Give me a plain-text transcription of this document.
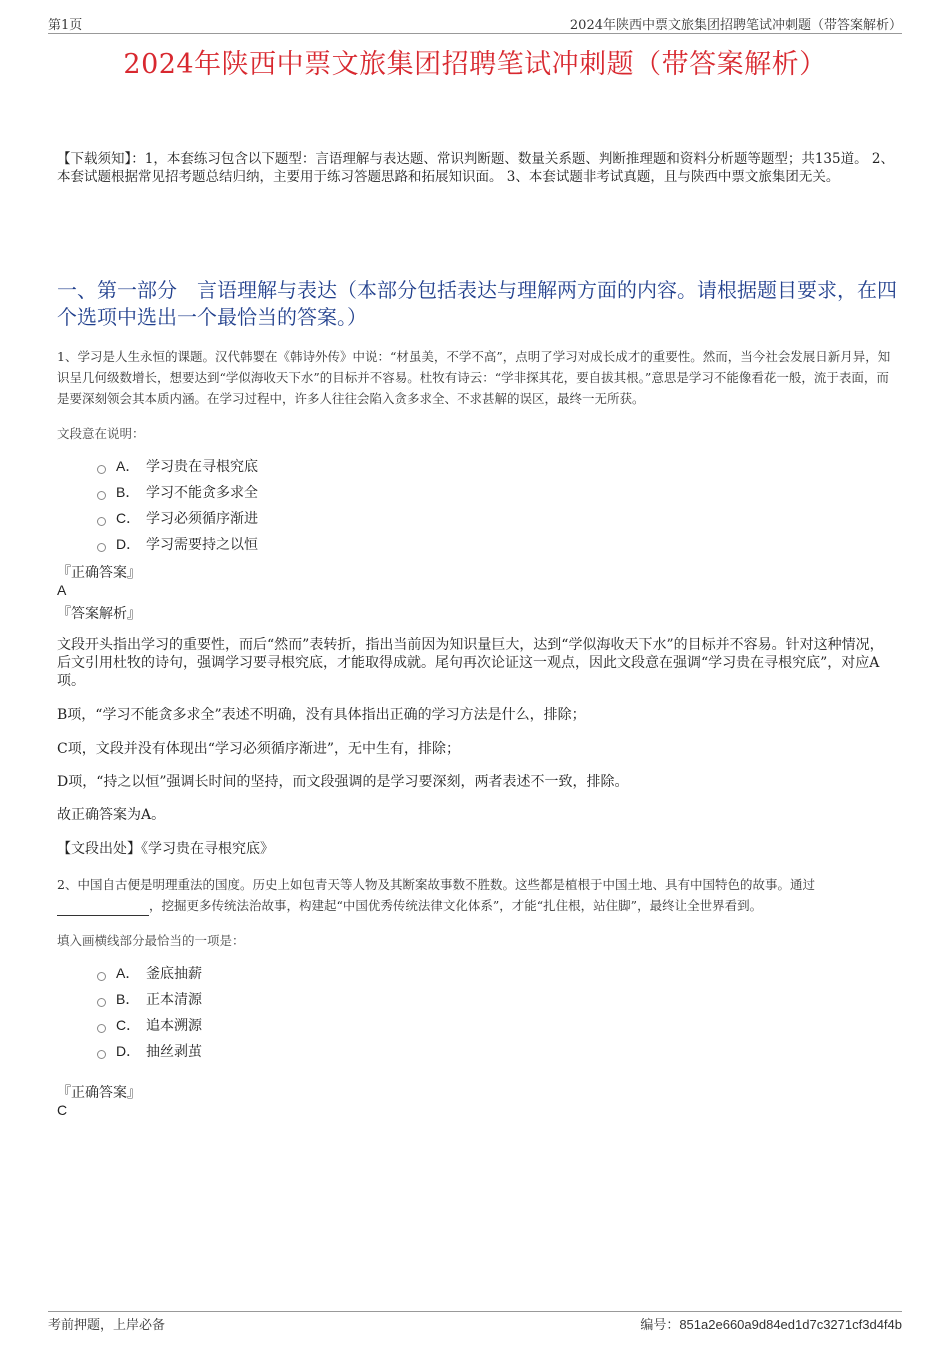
第1页	2024年陕西中票文旅集团招聘笔试冲刺题（带答案解析）
2024年陕西中票文旅集团招聘笔试冲刺题（带答案解析）
【下载须知】：1，本套练习包含以下题型：言语理解与表达题、常识判断题、数量关系题、判断推理题和资料分析题等题型；共135道。 2、本套试题根据常见招考题总结归纳，主要用于练习答题思路和拓展知识面。 3、本套试题非考试真题，且与陕西中票文旅集团无关。
一、第一部分　言语理解与表达（本部分包括表达与理解两方面的内容。请根据题目要求，在四个选项中选出一个最恰当的答案。）
1、学习是人生永恒的课题。汉代韩婴在《韩诗外传》中说：“材虽美，不学不高”，点明了学习对成长成才的重要性。然而，当今社会发展日新月异，知识呈几何级数增长，想要达到“学似海收天下水”的目标并不容易。杜牧有诗云：“学非探其花，要自拔其根。”意思是学习不能像看花一般，流于表面，而是要深刻领会其本质内涵。在学习过程中，许多人往往会陷入贪多求全、不求甚解的误区，最终一无所获。
文段意在说明：
A． 学习贵在寻根究底
B． 学习不能贪多求全
C． 学习必须循序渐进
D． 学习需要持之以恒
『正确答案』
A
『答案解析』
文段开头指出学习的重要性，而后“然而”表转折，指出当前因为知识量巨大，达到“学似海收天下水”的目标并不容易。针对这种情况，后文引用杜牧的诗句，强调学习要寻根究底，才能取得成就。尾句再次论证这一观点，因此文段意在强调“学习贵在寻根究底”，对应A项。
B项，“学习不能贪多求全”表述不明确，没有具体指出正确的学习方法是什么，排除；
C项，文段并没有体现出“学习必须循序渐进”，无中生有，排除；
D项，“持之以恒”强调长时间的坚持，而文段强调的是学习要深刻，两者表述不一致，排除。
故正确答案为A。
【文段出处】《学习贵在寻根究底》
2、中国自古便是明理重法的国度。历史上如包青天等人物及其断案故事数不胜数。这些都是植根于中国土地、具有中国特色的故事。通过
，挖掘更多传统法治故事，构建起“中国优秀传统法律文化体系”，才能“扎住根，站住脚”，最终让全世界看到。
填入画横线部分最恰当的一项是：
A． 釜底抽薪
B． 正本清源
C． 追本溯源
D． 抽丝剥茧
『正确答案』
C
考前押题，上岸必备	编号：851a2e660a9d84ed1d7c3271cf3d4f4b
